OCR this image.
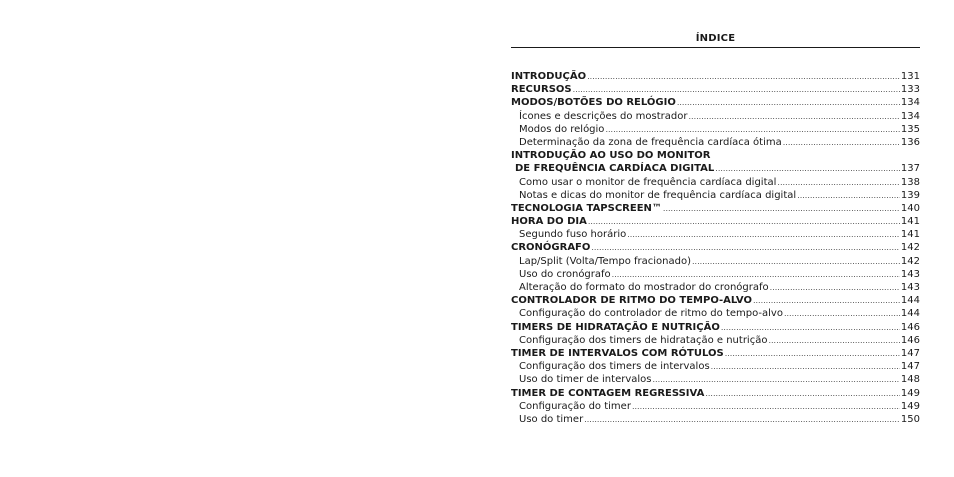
ÍNDICE
INTRODUÇÃO .....	131
RECURSOS .....	133
MODOS/BOTÕES DO RELÓGIO .....	134
Ícones e descrições do mostrador .....	134
Modos do relógio .....	135
Determinação da zona de frequência cardíaca ótima .....	136
INTRODUÇÃO AO USO DO MONITOR
DE FREQUÊNCIA CARDÍACA DIGITAL .....	137
Como usar o monitor de frequência cardíaca digital .....	138
Notas e dicas do monitor de frequência cardíaca digital .....	139
TECNOLOGIA TAPSCREEN™ .....	140
HORA DO DIA .....	141
Segundo fuso horário .....	141
CRONÓGRAFO .....	142
Lap/Split (Volta/Tempo fracionado) .....	142
Uso do cronógrafo .....	143
Alteração do formato do mostrador do cronógrafo .....	143
CONTROLADOR DE RITMO DO TEMPO-ALVO .....	144
Configuração do controlador de ritmo do tempo-alvo .....	144
TIMERS DE HIDRATAÇÃO E NUTRIÇÃO .....	146
Configuração dos timers de hidratação e nutrição .....	146
TIMER DE INTERVALOS COM RÓTULOS .....	147
Configuração dos timers de intervalos .....	147
Uso do timer de intervalos .....	148
TIMER DE CONTAGEM REGRESSIVA .....	149
Configuração do timer .....	149
Uso do timer .....	150
